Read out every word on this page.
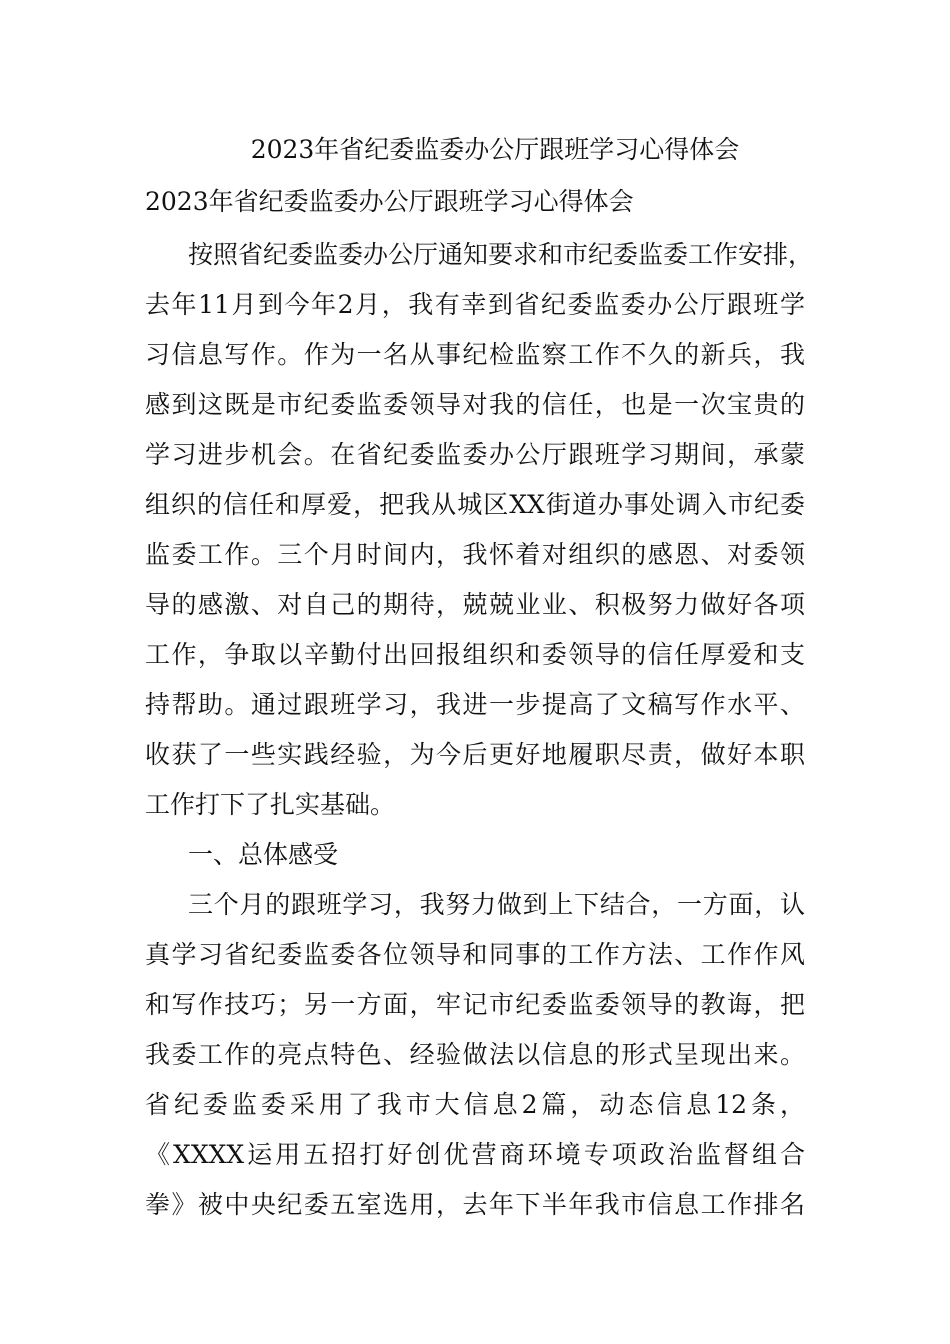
2023年省纪委监委办公厅跟班学习心得体会
2023年省纪委监委办公厅跟班学习心得体会
按照省纪委监委办公厅通知要求和市纪委监委工作安排，
去年11月到今年2月，我有幸到省纪委监委办公厅跟班学
习信息写作。作为一名从事纪检监察工作不久的新兵，我
感到这既是市纪委监委领导对我的信任，也是一次宝贵的
学习进步机会。在省纪委监委办公厅跟班学习期间，承蒙
组织的信任和厚爱，把我从城区XX街道办事处调入市纪委
监委工作。三个月时间内，我怀着对组织的感恩、对委领
导的感激、对自己的期待，兢兢业业、积极努力做好各项
工作，争取以辛勤付出回报组织和委领导的信任厚爱和支
持帮助。通过跟班学习，我进一步提高了文稿写作水平、
收获了一些实践经验，为今后更好地履职尽责，做好本职
工作打下了扎实基础。
一、总体感受
三个月的跟班学习，我努力做到上下结合，一方面，认
真学习省纪委监委各位领导和同事的工作方法、工作作风
和写作技巧；另一方面，牢记市纪委监委领导的教诲，把
我委工作的亮点特色、经验做法以信息的形式呈现出来。
省纪委监委采用了我市大信息2篇，动态信息12条，
《XXXX运用五招打好创优营商环境专项政治监督组合
拳》被中央纪委五室选用，去年下半年我市信息工作排名
